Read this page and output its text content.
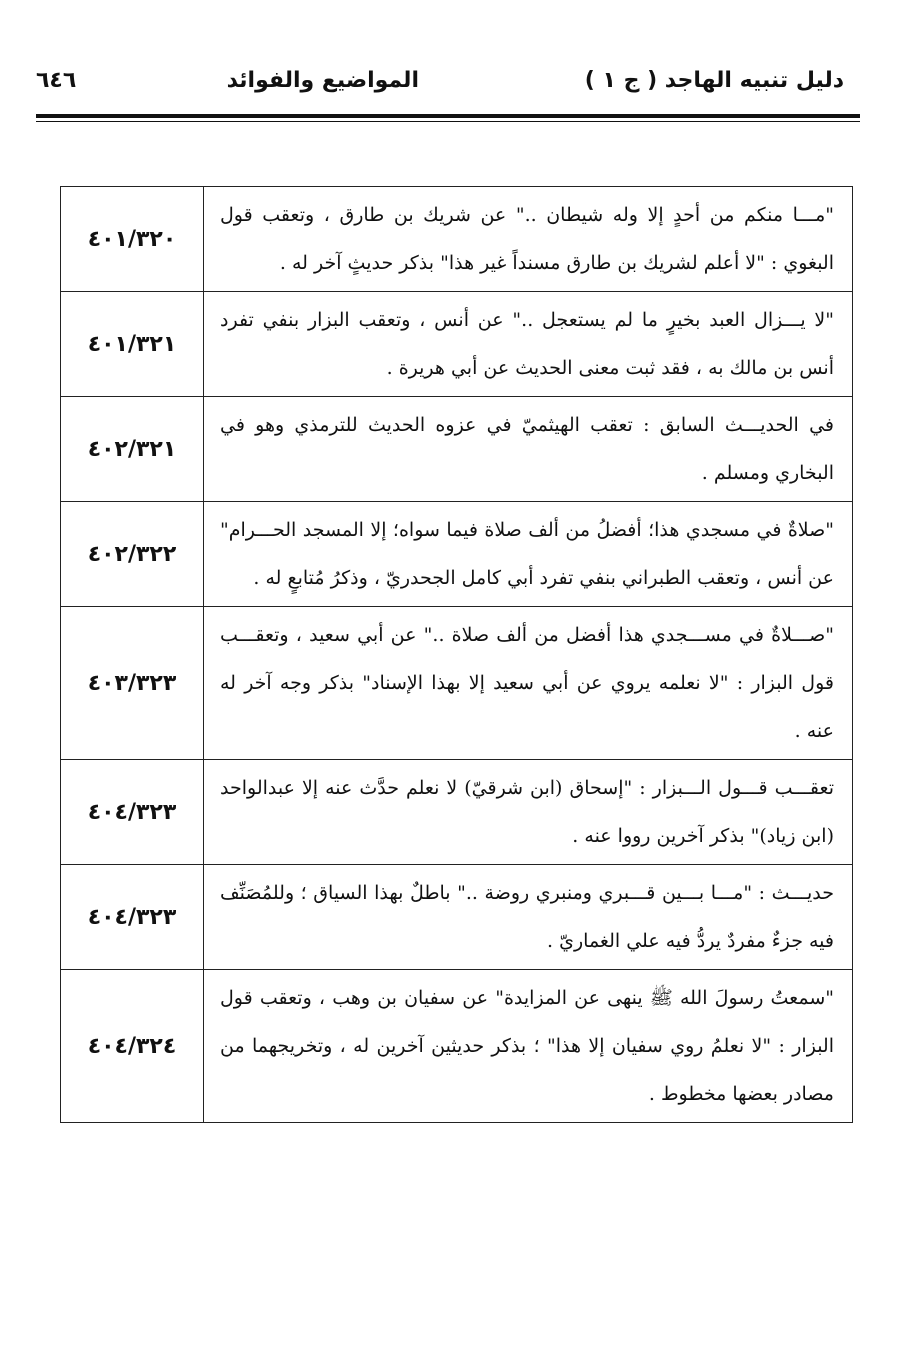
دليل تنبيه الهاجد ( ج ١ )
المواضيع والفوائد
٦٤٦
"مـــا منكم من أحدٍ إلا وله شيطان .." عن شريك بن طارق ، وتعقب قول البغوي : "لا أعلم لشريك بن طارق مسنداً غير هذا" بذكر حديثٍ آخر له .	٤٠١/٣٢٠
"لا يـــزال العبد بخيرٍ ما لم يستعجل .." عن أنس ، وتعقب البزار بنفي تفرد أنس بن مالك به ، فقد ثبت معنى الحديث عن أبي هريرة .	٤٠١/٣٢١
في الحديـــث السابق : تعقب الهيثميّ في عزوه الحديث للترمذي وهو في البخاري ومسلم .	٤٠٢/٣٢١
"صلاةٌ في مسجدي هذا؛ أفضلُ من ألف صلاة فيما سواه؛ إلا المسجد الحـــرام" عن أنس ، وتعقب الطبراني بنفي تفرد أبي كامل الجحدريّ ، وذكرُ مُتابعٍ له .	٤٠٢/٣٢٢
"صـــلاةٌ في مســـجدي هذا أفضل من ألف صلاة .." عن أبي سعيد ، وتعقـــب قول البزار : "لا نعلمه يروي عن أبي سعيد إلا بهذا الإسناد" بذكر وجه آخر له عنه .	٤٠٣/٣٢٣
تعقـــب قـــول الـــبزار : "إسحاق (ابن شرقيّ) لا نعلم حدَّث عنه إلا عبدالواحد (ابن زياد)" بذكر آخرين رووا عنه .	٤٠٤/٣٢٣
حديـــث : "مـــا بـــين قـــبري ومنبري روضة .." باطلٌ بهذا السياق ؛ وللمُصَنِّف فيه جزءٌ مفردٌ يردُّ فيه علي الغماريّ .	٤٠٤/٣٢٣
"سمعتُ رسولَ الله ﷺ ينهى عن المزايدة" عن سفيان بن وهب ، وتعقب قول البزار : "لا نعلمُ روي سفيان إلا هذا" ؛ بذكر حديثين آخرين له ، وتخريجهما من مصادر بعضها مخطوط .	٤٠٤/٣٢٤
